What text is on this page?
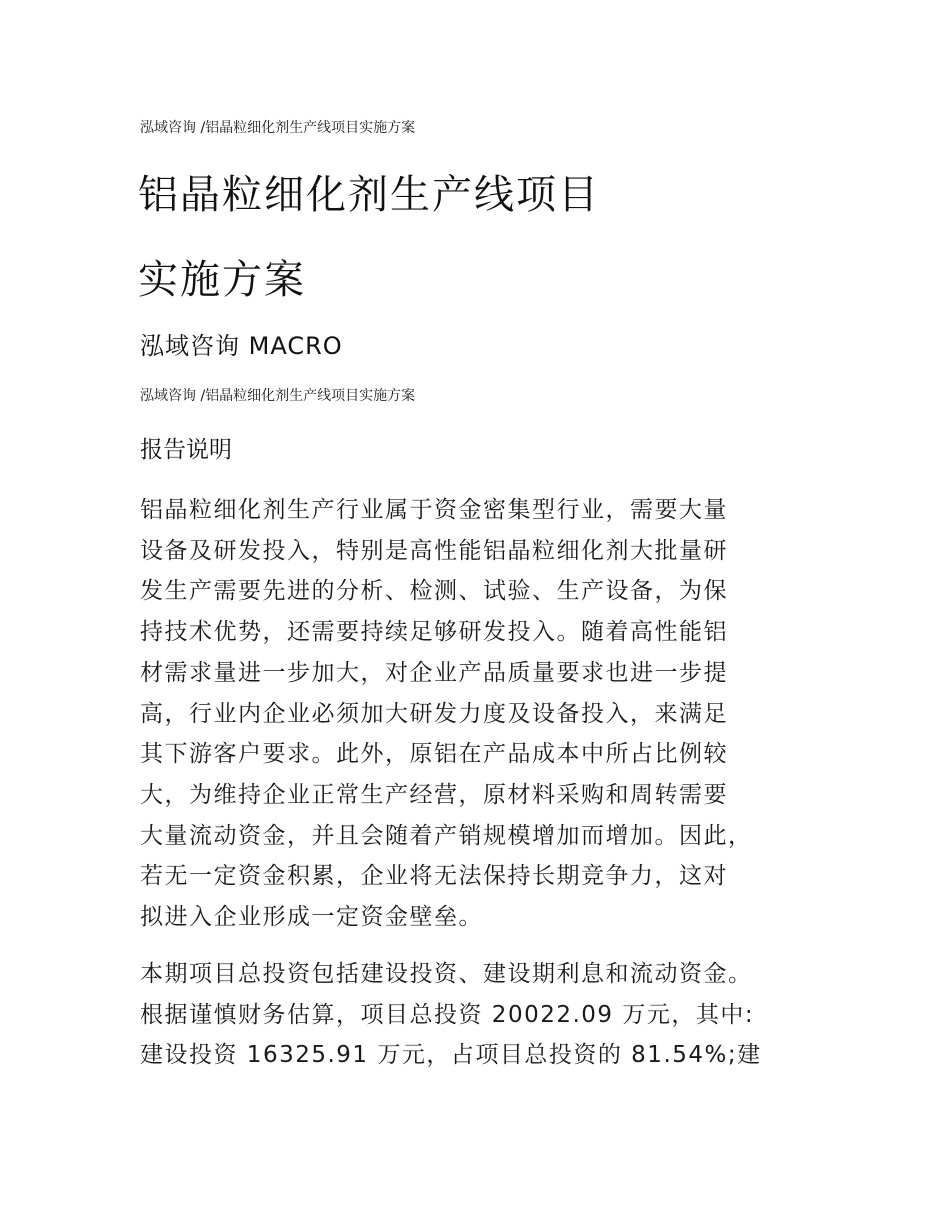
泓域咨询 /铝晶粒细化剂生产线项目实施方案
铝晶粒细化剂生产线项目
实施方案
泓域咨询 MACRO
泓域咨询 /铝晶粒细化剂生产线项目实施方案
报告说明
铝晶粒细化剂生产行业属于资金密集型行业，需要大量
设备及研发投入，特别是高性能铝晶粒细化剂大批量研
发生产需要先进的分析、检测、试验、生产设备，为保
持技术优势，还需要持续足够研发投入。随着高性能铝
材需求量进一步加大，对企业产品质量要求也进一步提
高，行业内企业必须加大研发力度及设备投入，来满足
其下游客户要求。此外，原铝在产品成本中所占比例较
大，为维持企业正常生产经营，原材料采购和周转需要
大量流动资金，并且会随着产销规模增加而增加。因此，
若无一定资金积累，企业将无法保持长期竞争力，这对
拟进入企业形成一定资金壁垒。
本期项目总投资包括建设投资、建设期利息和流动资金。
根据谨慎财务估算，项目总投资 20022.09 万元，其中:
建设投资 16325.91 万元，占项目总投资的 81.54%;建
